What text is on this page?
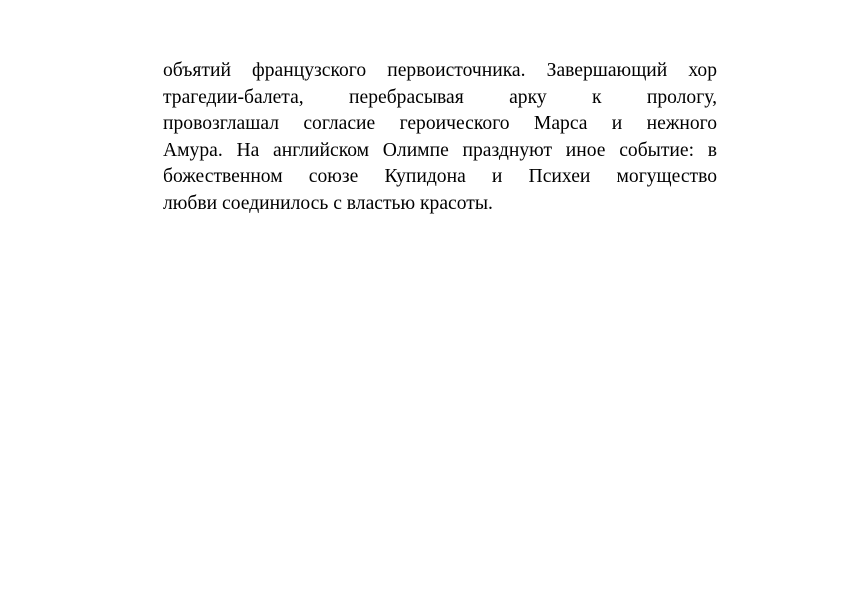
объятий французского первоисточника. Завершающий хор
трагедии-балета, перебрасывая арку к прологу,
провозглашал согласие героического Марса и нежного
Амура. На английском Олимпе празднуют иное событие: в
божественном союзе Купидона и Психеи могущество
любви соединилось с властью красоты.
